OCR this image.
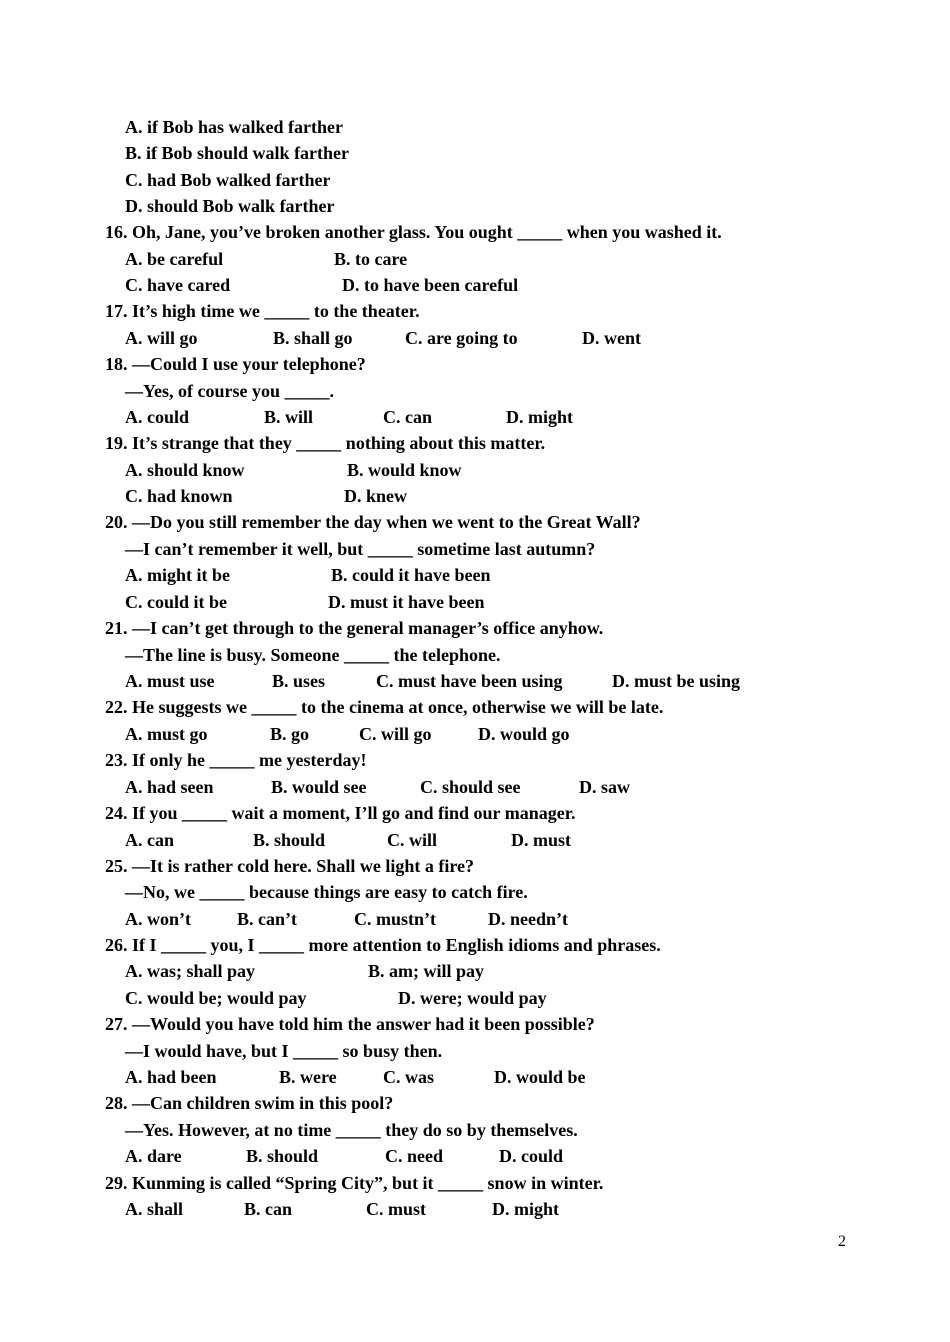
A. if Bob has walked farther
B. if Bob should walk farther
C. had Bob walked farther
D. should Bob walk farther
16. Oh, Jane, you’ve broken another glass. You ought _____ when you washed it.
A. be careful	B. to care
C. have cared	D. to have been careful
17. It’s high time we _____ to the theater.
A. will go	B. shall go	C. are going to	D. went
18. —Could I use your telephone?
—Yes, of course you _____.
A. could	B. will	C. can	D. might
19. It’s strange that they _____ nothing about this matter.
A. should know	B. would know
C. had known	D. knew
20. —Do you still remember the day when we went to the Great Wall?
—I can’t remember it well, but _____ sometime last autumn?
A. might it be	B. could it have been
C. could it be	D. must it have been
21. —I can’t get through to the general manager’s office anyhow.
—The line is busy. Someone _____ the telephone.
A. must use	B. uses	C. must have been using	D. must be using
22. He suggests we _____ to the cinema at once, otherwise we will be late.
A. must go	B. go	C. will go	D. would go
23. If only he _____ me yesterday!
A. had seen	B. would see	C. should see	D. saw
24. If you _____ wait a moment, I’ll go and find our manager.
A. can	B. should	C. will	D. must
25. —It is rather cold here. Shall we light a fire?
—No, we _____ because things are easy to catch fire.
A. won’t	B. can’t	C. mustn’t	D. needn’t
26. If I _____ you, I _____ more attention to English idioms and phrases.
A. was; shall pay	B. am; will pay
C. would be; would pay	D. were; would pay
27. —Would you have told him the answer had it been possible?
—I would have, but I _____ so busy then.
A. had been	B. were	C. was	D. would be
28. —Can children swim in this pool?
—Yes. However, at no time _____ they do so by themselves.
A. dare	B. should	C. need	D. could
29. Kunming is called “Spring City”, but it _____ snow in winter.
A. shall	B. can	C. must	D. might
2
